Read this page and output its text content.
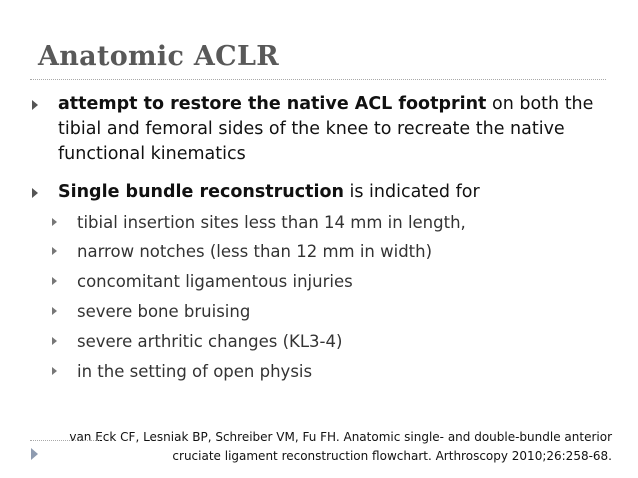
Anatomic ACLR
attempt to restore the native ACL footprint on both the tibial and femoral sides of the knee to recreate the native functional kinematics
Single bundle reconstruction is indicated for
tibial insertion sites less than 14 mm in length,
narrow notches (less than 12 mm in width)
concomitant ligamentous injuries
severe bone bruising
severe arthritic changes (KL3-4)
in the setting of open physis
van Eck CF, Lesniak BP, Schreiber VM, Fu FH. Anatomic single- and double-bundle anterior
cruciate ligament reconstruction flowchart. Arthroscopy 2010;26:258-68.
